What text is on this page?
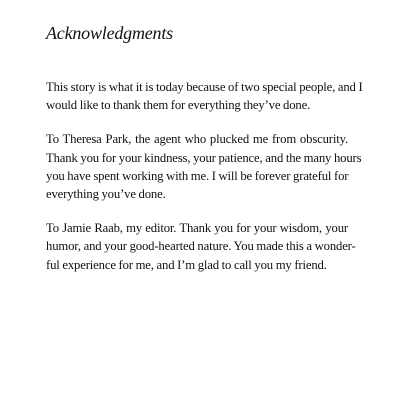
Acknowledgments

This story is what it is today because of two special people, and I
would like to thank them for everything they’ve done.

To Theresa Park, the agent who plucked me from obscurity.
Thank you for your kindness, your patience, and the many hours
you have spent working with me. I will be forever grateful for
everything you’ve done.

To Jamie Raab, my editor. Thank you for your wisdom, your
humor, and your good-hearted nature. You made this a wonder-
ful experience for me, and I’m glad to call you my friend.
